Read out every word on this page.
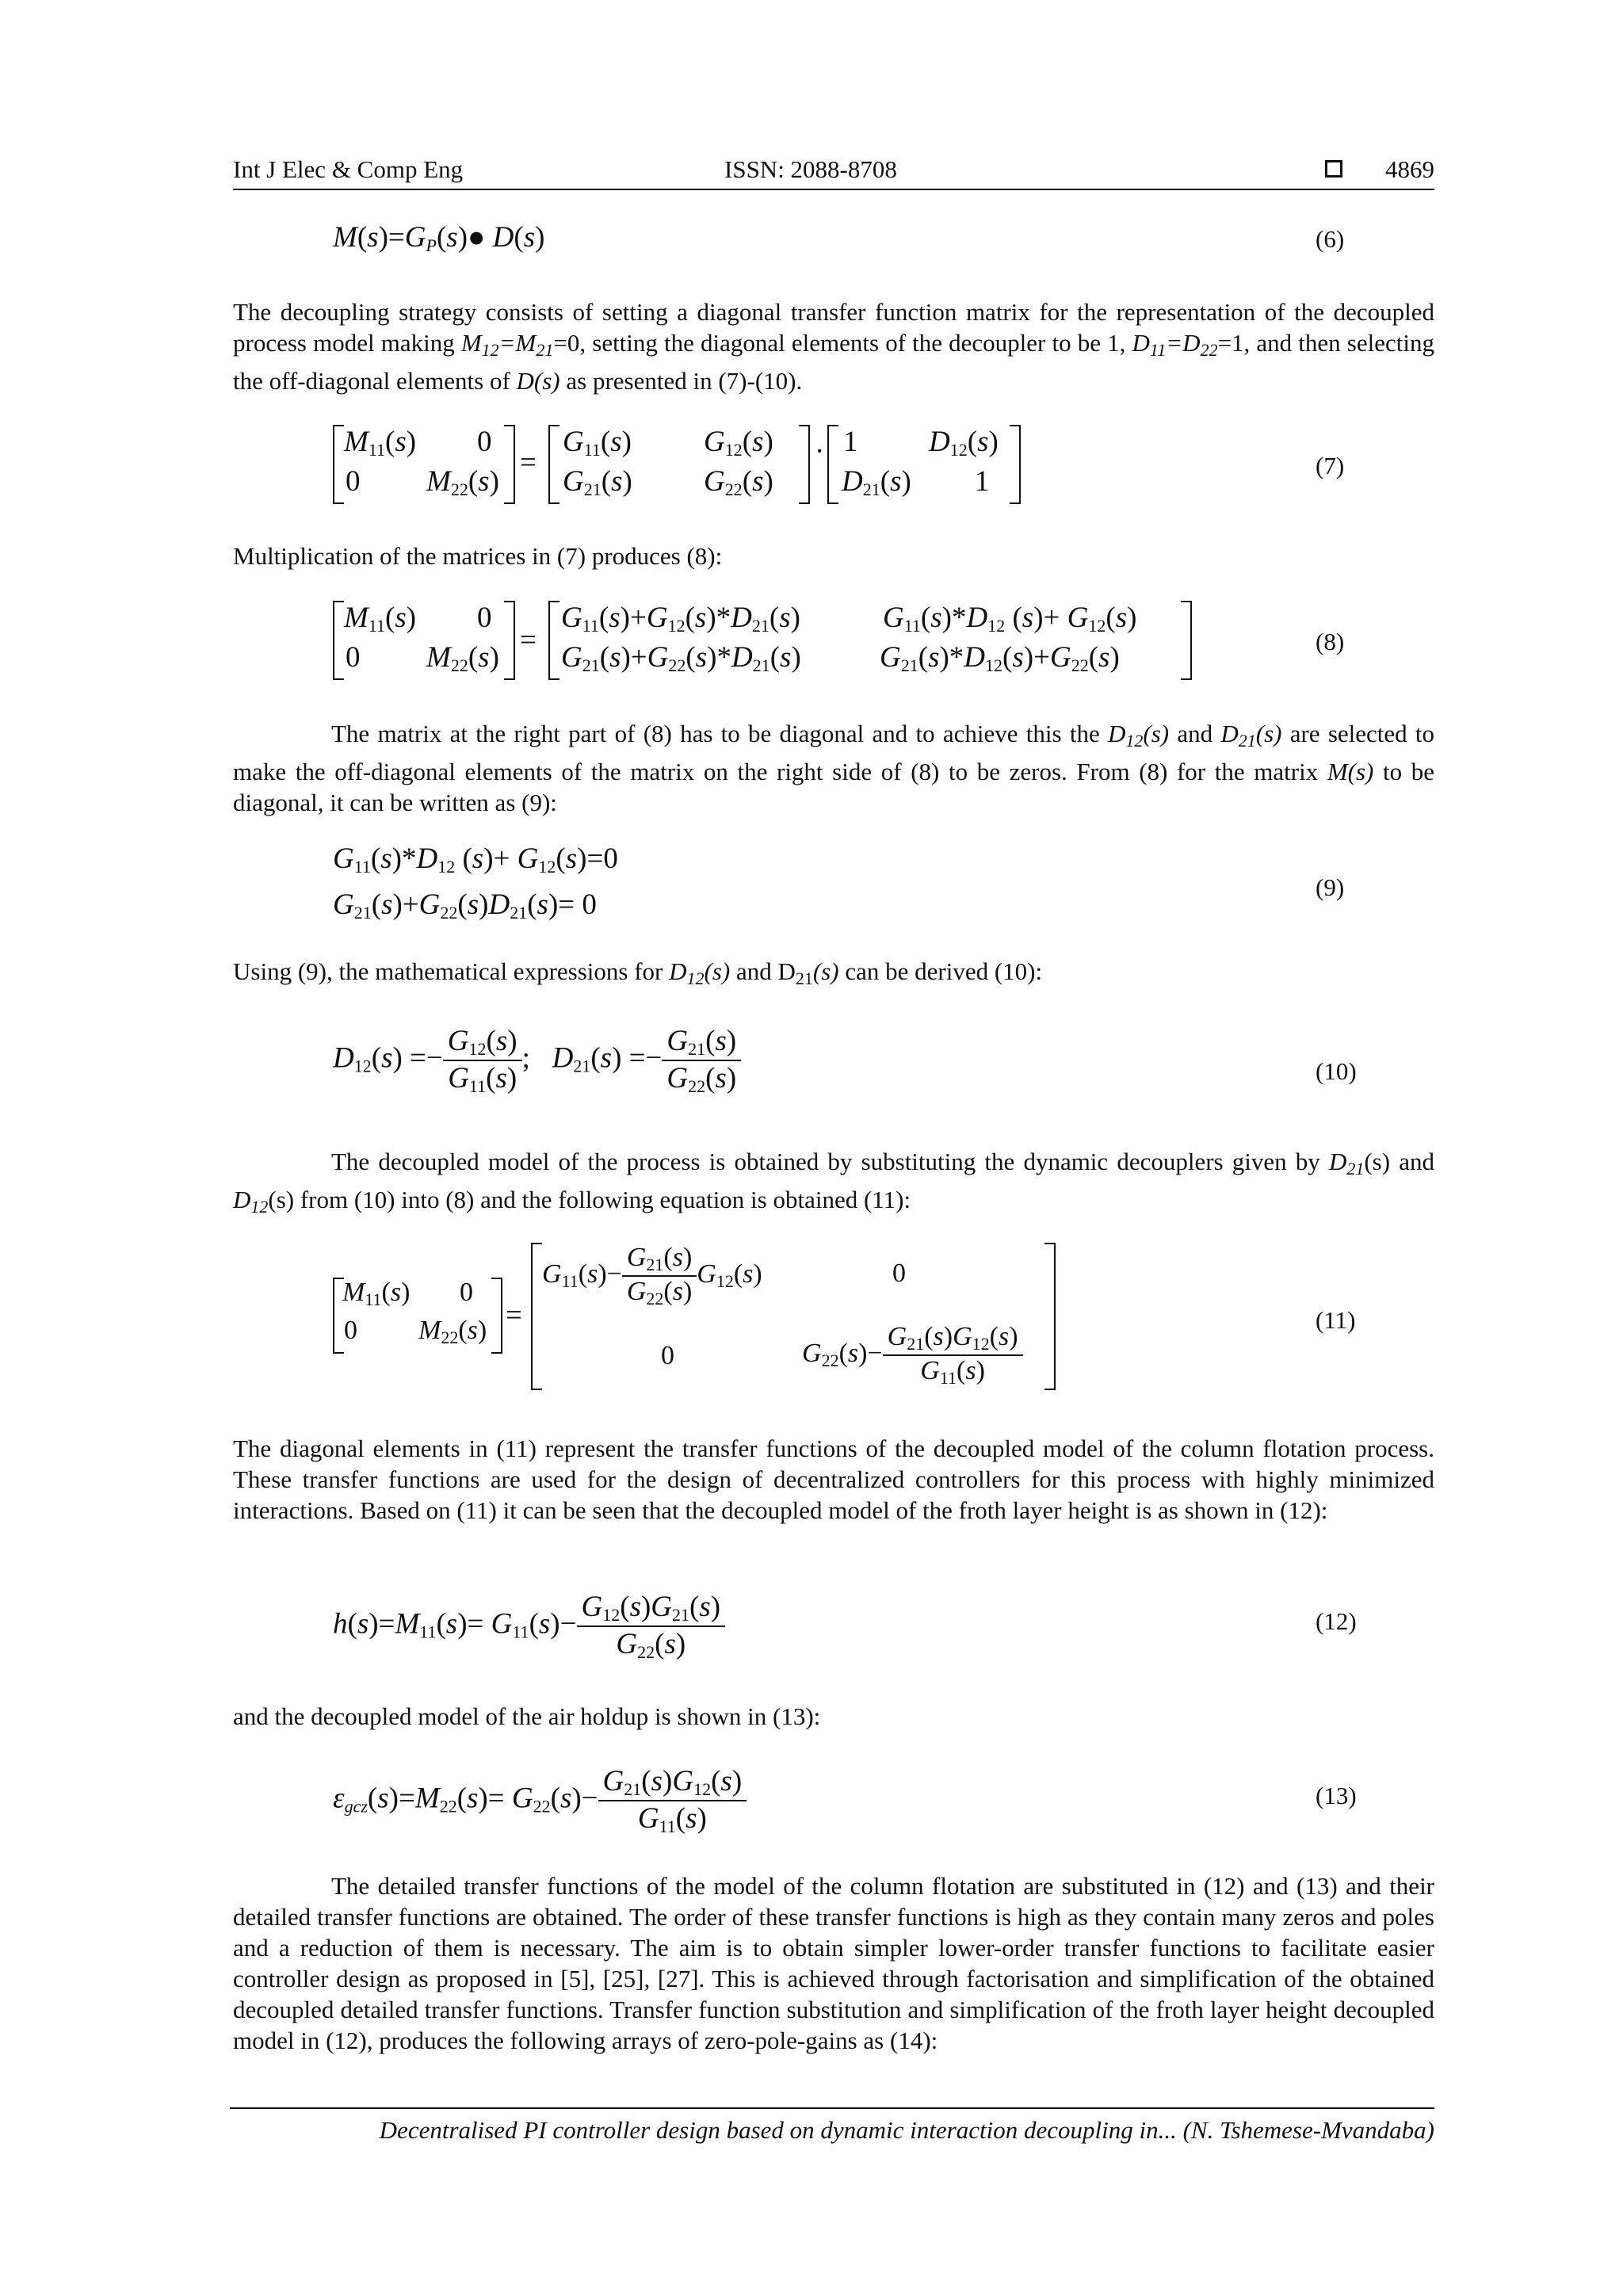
Int J Elec & Comp Eng	ISSN: 2088-8708	4869
$M(s)=G_P(s)●$ D(s)	(6)
The decoupling strategy consists of setting a diagonal transfer function matrix for the representation of the decoupled process model making $M_{12}=M_{21}=0$, setting the diagonal elements of the decoupler to be 1, $D_{11}=D_{22}=1$, and then selecting the off-diagonal elements of D(s) as presented in (7)-(10).
$M_{11}(s)$ 0
0 $M_{22}(s)$
=
$G_{11}(s)$ $G_{12}(s)$
$G_{21}(s)$ $G_{22}(s)$
· 1 $D_{12}(s)$
$D_{21}(s)$ 1	(7)
Multiplication of the matrices in (7) produces (8):
$M_{11}(s)$ 0
0 $M_{22}(s)$
=
$G_{11}(s)+G_{12}(s)*D_{21}(s)$	$G_{11}(s)*D_{12}$ $(s)+ G_{12}(s)$
$G_{21}(s)+G_{22}(s)*D_{21}(s)$	$G_{21}(s)*D_{12}(s)+G_{22}(s)$	(8)
The matrix at the right part of (8) has to be diagonal and to achieve this the $D_{12}(s)$ and $D_{21}(s)$ are selected to make the off-diagonal elements of the matrix on the right side of (8) to be zeros. From (8) for the matrix M(s) to be diagonal, it can be written as (9):
$G_{11}(s)*D_{12}$ $(s)+ G_{12}(s)=0$
$G_{21}(s)+G_{22}(s)D_{21}(s)= 0$
(9)
Using (9), the mathematical expressions for $D_{12}(s)$ and $D_{21}(s)$ can be derived (10):
$D_{12}(s) =- \frac{G_{12}(s)}{G_{11}(s)}$ ;   $D_{21}(s) =- \frac{G_{21}(s)}{G_{22}(s)}$	(10)
The decoupled model of the process is obtained by substituting the dynamic decouplers given by $D_{21}(s)$ and $D_{12}(s)$ from (10) into (8) and the following equation is obtained (11):
$M_{11}(s)$ 0
0 $M_{22}(s)$ =
$G_{11}(s)- \frac{G_{21}(s)}{G_{22}(s)} G_{12}(s)$	0
0	$G_{22}(s)- \frac{G_{21}(s)G_{12}(s)}{G_{11}(s)}$
(11)
The diagonal elements in (11) represent the transfer functions of the decoupled model of the column flotation process. These transfer functions are used for the design of decentralized controllers for this process with highly minimized interactions. Based on (11) it can be seen that the decoupled model of the froth layer height is as shown in (12):
$h(s)=M_{11}(s)= G_{11}(s)- \frac{G_{12}(s)G_{21}(s)}{G_{22}(s)}$	(12)
and the decoupled model of the air holdup is shown in (13):
$\varepsilon_{gcz}(s)=M_{22}(s)= G_{22}(s)- \frac{G_{21}(s)G_{12}(s)}{G_{11}(s)}$	(13)
The detailed transfer functions of the model of the column flotation are substituted in (12) and (13) and their detailed transfer functions are obtained. The order of these transfer functions is high as they contain many zeros and poles and a reduction of them is necessary. The aim is to obtain simpler lower-order transfer functions to facilitate easier controller design as proposed in [5], [25], [27]. This is achieved through factorisation and simplification of the obtained decoupled detailed transfer functions. Transfer function substitution and simplification of the froth layer height decoupled model in (12), produces the following arrays of zero-pole-gains as (14):
Decentralised PI controller design based on dynamic interaction decoupling in... (N. Tshemese-Mvandaba)
